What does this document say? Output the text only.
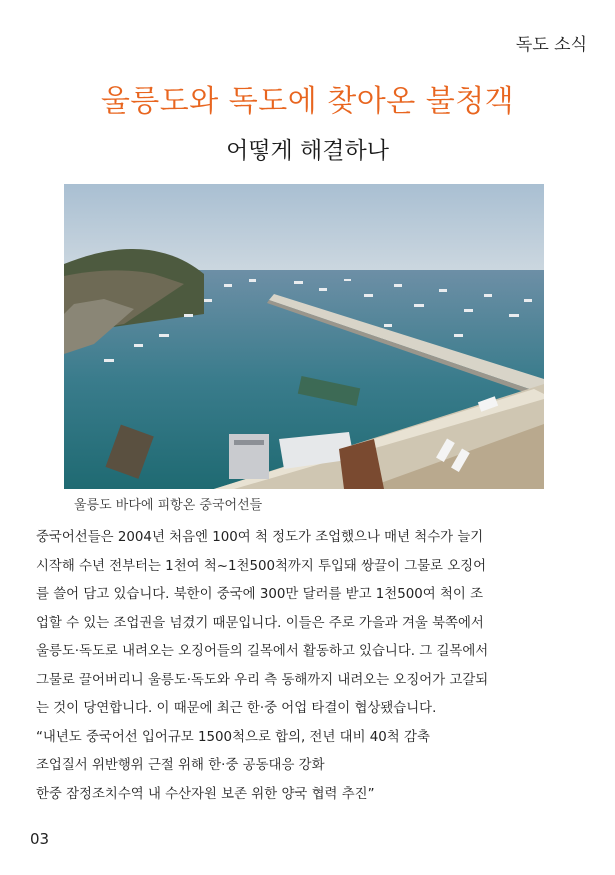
독도 소식
울릉도와 독도에 찾아온 불청객
어떻게 해결하나
울릉도 바다에 피항온 중국어선들

중국어선들은 2004년 처음엔 100여 척 정도가 조업했으나 매년 척수가 늘기

시작해 수년 전부터는 1천여 척~1천500척까지 투입돼 쌍끌이 그물로 오징어

를 쓸어 담고 있습니다. 북한이 중국에 300만 달러를 받고 1천500여 척이 조

업할 수 있는 조업권을 넘겼기 때문입니다. 이들은 주로 가을과 겨울 북쪽에서

울릉도·독도로 내려오는 오징어들의 길목에서 활동하고 있습니다. 그 길목에서

그물로 끌어버리니 울릉도·독도와 우리 측 동해까지 내려오는 오징어가 고갈되

는 것이 당연합니다. 이 때문에 최근 한·중 어업 타결이 협상됐습니다.

“내년도 중국어선 입어규모 1500척으로 합의, 전년 대비 40척 감축

조업질서 위반행위 근절 위해 한·중 공동대응 강화

한중 잠정조치수역 내 수산자원 보존 위한 양국 협력 추진”

03
